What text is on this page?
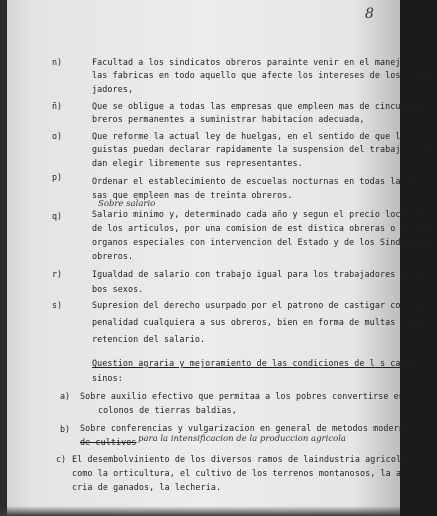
8
n)	Facultad a los sindicatos obreros parainte venir en el manejo de
las fabricas en todo aquello que afecte los intereses de los trabaj
jadores,
ñ)	Que se obligue a todas las empresas que empleen mas de cincuenta ob
breros permanentes a suministrar habitacion adecuada,
o)	Que reforme la actual ley de huelgas, en el sentido de que los hue
guistas puedan declarar rapidamente la suspension del trabajo y pue
dan elegir libremente sus representantes.
p)	Ordenar el establecimiento de escuelas nocturnas en todas las empre
sas que empleen mas de treinta obreros.
Sobre salario
q)	Salario minimo y, determinado cada año y segun el precio local de
de los articulos, por una comision de est distica obreras o de unos
organos especiales con intervencion del Estado y de los Sindicatos
obreros.
r)	Igualdad de salario con trabajo igual para los trabajadores de am
bos sexos.
s)	Supresion del derecho usurpado por el patrono de castigar con una
penalidad cualquiera a sus obreros, bien en forma de multas o de
retencion del salario.
Question agraria y mejoramiento de las condiciones de l s campe
sinos:
a) Sobre auxilio efectivo que permitaa a los pobres convertirse en
colonos de tierras baldias,
b) Sobre conferencias y vulgarizacion en general de metodos modernos
de cultivos para la intensificacion de la produccion agricola
c) El desembolviniento de los diversos ramos de laindustria agricola
como la orticultura, el cultivo de los terrenos montanosos, la avi
cria de ganados, la lecheria.
